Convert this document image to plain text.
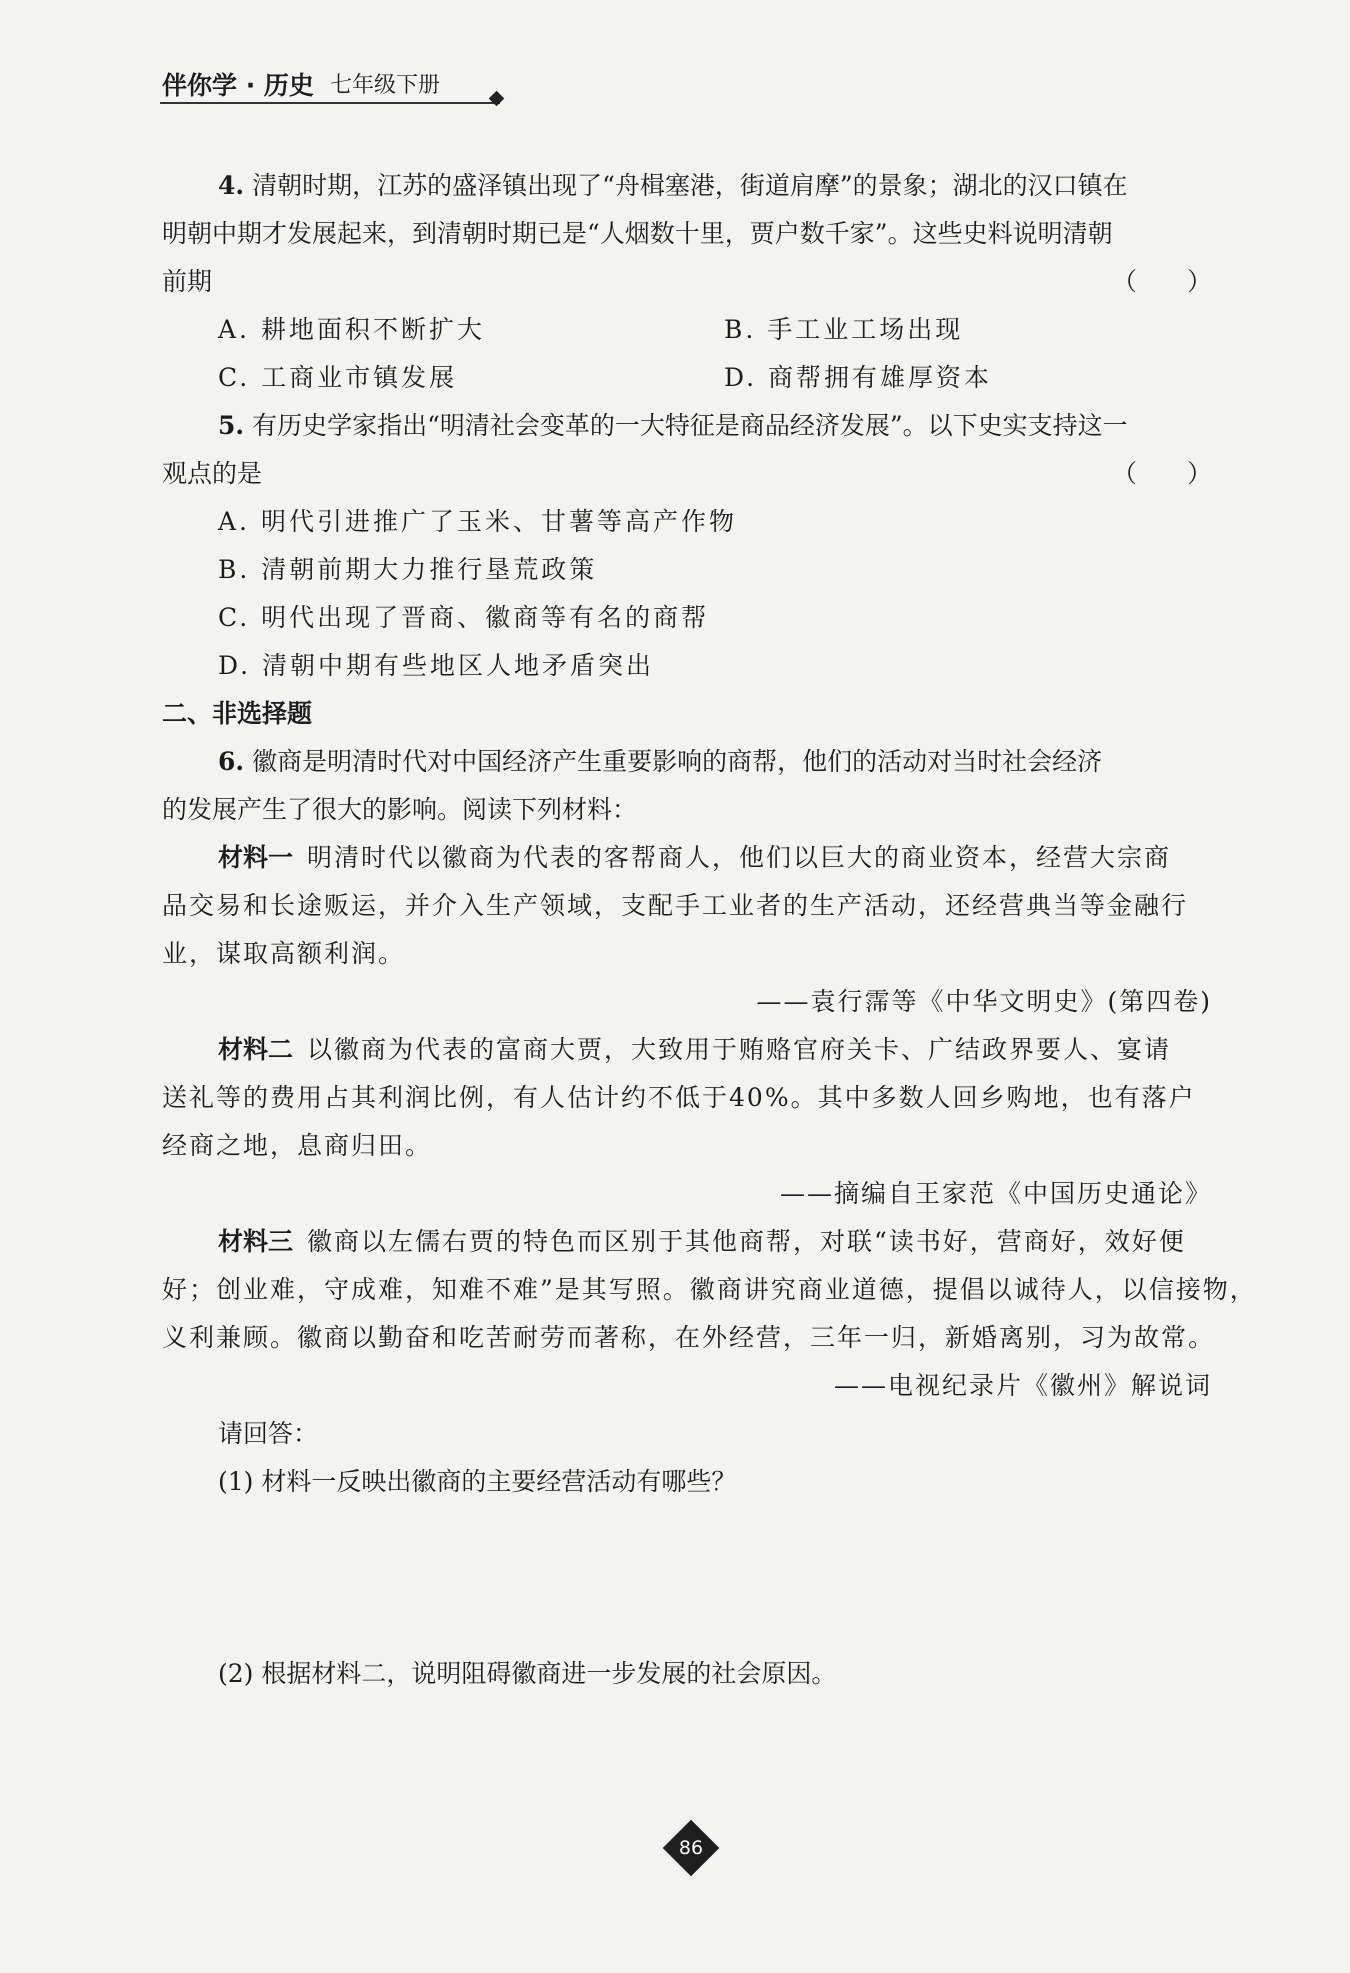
伴你学 · 历史 七年级下册
4. 清朝时期，江苏的盛泽镇出现了“舟楫塞港，街道肩摩”的景象；湖北的汉口镇在
明朝中期才发展起来，到清朝时期已是“人烟数十里，贾户数千家”。这些史料说明清朝
前期	（　　）
A. 耕地面积不断扩大	B. 手工业工场出现
C. 工商业市镇发展	D. 商帮拥有雄厚资本
5. 有历史学家指出“明清社会变革的一大特征是商品经济发展”。以下史实支持这一
观点的是	（　　）
A. 明代引进推广了玉米、甘薯等高产作物
B. 清朝前期大力推行垦荒政策
C. 明代出现了晋商、徽商等有名的商帮
D. 清朝中期有些地区人地矛盾突出
二、非选择题
6. 徽商是明清时代对中国经济产生重要影响的商帮，他们的活动对当时社会经济
的发展产生了很大的影响。阅读下列材料：
材料一 明清时代以徽商为代表的客帮商人，他们以巨大的商业资本，经营大宗商
品交易和长途贩运，并介入生产领域，支配手工业者的生产活动，还经营典当等金融行
业，谋取高额利润。
——袁行霈等《中华文明史》(第四卷)
材料二 以徽商为代表的富商大贾，大致用于贿赂官府关卡、广结政界要人、宴请
送礼等的费用占其利润比例，有人估计约不低于40%。其中多数人回乡购地，也有落户
经商之地，息商归田。
——摘编自王家范《中国历史通论》
材料三 徽商以左儒右贾的特色而区别于其他商帮，对联“读书好，营商好，效好便
好；创业难，守成难，知难不难”是其写照。徽商讲究商业道德，提倡以诚待人，以信接物，
义利兼顾。徽商以勤奋和吃苦耐劳而著称，在外经营，三年一归，新婚离别，习为故常。
——电视纪录片《徽州》解说词
请回答：
(1) 材料一反映出徽商的主要经营活动有哪些？
(2) 根据材料二，说明阻碍徽商进一步发展的社会原因。
86
